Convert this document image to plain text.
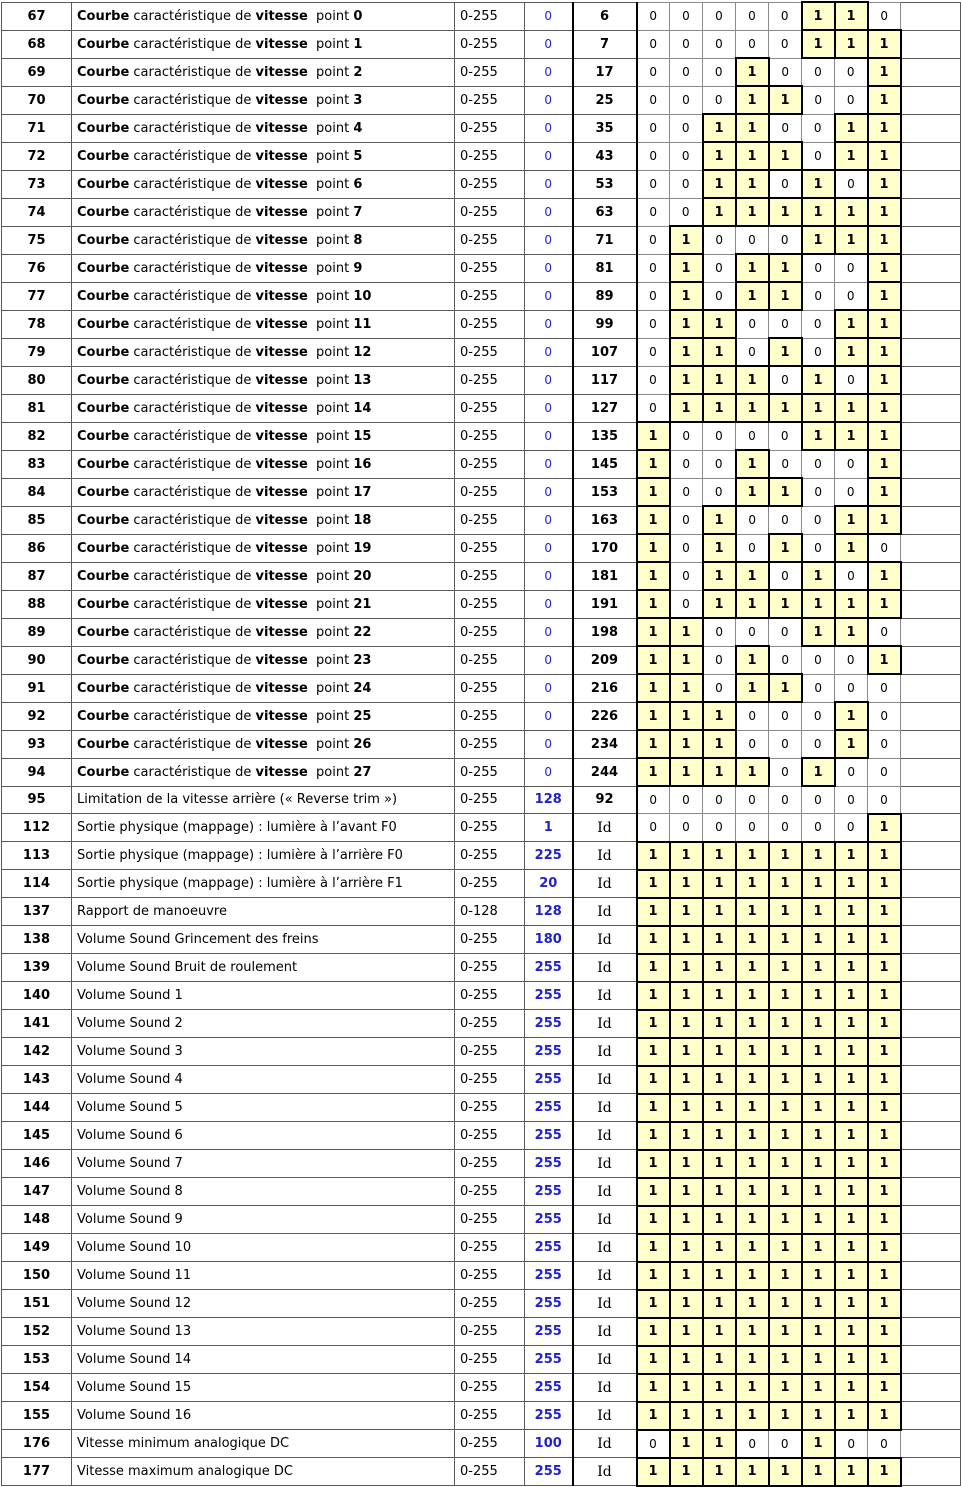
67	Courbe caractéristique de vitesse  point 0	0-255	0	6	0	0	0	0	0	1	1	0	
68	Courbe caractéristique de vitesse  point 1	0-255	0	7	0	0	0	0	0	1	1	1	
69	Courbe caractéristique de vitesse  point 2	0-255	0	17	0	0	0	1	0	0	0	1	
70	Courbe caractéristique de vitesse  point 3	0-255	0	25	0	0	0	1	1	0	0	1	
71	Courbe caractéristique de vitesse  point 4	0-255	0	35	0	0	1	1	0	0	1	1	
72	Courbe caractéristique de vitesse  point 5	0-255	0	43	0	0	1	1	1	0	1	1	
73	Courbe caractéristique de vitesse  point 6	0-255	0	53	0	0	1	1	0	1	0	1	
74	Courbe caractéristique de vitesse  point 7	0-255	0	63	0	0	1	1	1	1	1	1	
75	Courbe caractéristique de vitesse  point 8	0-255	0	71	0	1	0	0	0	1	1	1	
76	Courbe caractéristique de vitesse  point 9	0-255	0	81	0	1	0	1	1	0	0	1	
77	Courbe caractéristique de vitesse  point 10	0-255	0	89	0	1	0	1	1	0	0	1	
78	Courbe caractéristique de vitesse  point 11	0-255	0	99	0	1	1	0	0	0	1	1	
79	Courbe caractéristique de vitesse  point 12	0-255	0	107	0	1	1	0	1	0	1	1	
80	Courbe caractéristique de vitesse  point 13	0-255	0	117	0	1	1	1	0	1	0	1	
81	Courbe caractéristique de vitesse  point 14	0-255	0	127	0	1	1	1	1	1	1	1	
82	Courbe caractéristique de vitesse  point 15	0-255	0	135	1	0	0	0	0	1	1	1	
83	Courbe caractéristique de vitesse  point 16	0-255	0	145	1	0	0	1	0	0	0	1	
84	Courbe caractéristique de vitesse  point 17	0-255	0	153	1	0	0	1	1	0	0	1	
85	Courbe caractéristique de vitesse  point 18	0-255	0	163	1	0	1	0	0	0	1	1	
86	Courbe caractéristique de vitesse  point 19	0-255	0	170	1	0	1	0	1	0	1	0	
87	Courbe caractéristique de vitesse  point 20	0-255	0	181	1	0	1	1	0	1	0	1	
88	Courbe caractéristique de vitesse  point 21	0-255	0	191	1	0	1	1	1	1	1	1	
89	Courbe caractéristique de vitesse  point 22	0-255	0	198	1	1	0	0	0	1	1	0	
90	Courbe caractéristique de vitesse  point 23	0-255	0	209	1	1	0	1	0	0	0	1	
91	Courbe caractéristique de vitesse  point 24	0-255	0	216	1	1	0	1	1	0	0	0	
92	Courbe caractéristique de vitesse  point 25	0-255	0	226	1	1	1	0	0	0	1	0	
93	Courbe caractéristique de vitesse  point 26	0-255	0	234	1	1	1	0	0	0	1	0	
94	Courbe caractéristique de vitesse  point 27	0-255	0	244	1	1	1	1	0	1	0	0	
95	Limitation de la vitesse arrière (« Reverse trim »)	0-255	128	92	0	0	0	0	0	0	0	0	
112	Sortie physique (mappage) : lumière à l’avant F0	0-255	1	Id	0	0	0	0	0	0	0	1	
113	Sortie physique (mappage) : lumière à l’arrière F0	0-255	225	Id	1	1	1	1	1	1	1	1	
114	Sortie physique (mappage) : lumière à l’arrière F1	0-255	20	Id	1	1	1	1	1	1	1	1	
137	Rapport de manoeuvre	0-128	128	Id	1	1	1	1	1	1	1	1	
138	Volume Sound Grincement des freins	0-255	180	Id	1	1	1	1	1	1	1	1	
139	Volume Sound Bruit de roulement	0-255	255	Id	1	1	1	1	1	1	1	1	
140	Volume Sound 1	0-255	255	Id	1	1	1	1	1	1	1	1	
141	Volume Sound 2	0-255	255	Id	1	1	1	1	1	1	1	1	
142	Volume Sound 3	0-255	255	Id	1	1	1	1	1	1	1	1	
143	Volume Sound 4	0-255	255	Id	1	1	1	1	1	1	1	1	
144	Volume Sound 5	0-255	255	Id	1	1	1	1	1	1	1	1	
145	Volume Sound 6	0-255	255	Id	1	1	1	1	1	1	1	1	
146	Volume Sound 7	0-255	255	Id	1	1	1	1	1	1	1	1	
147	Volume Sound 8	0-255	255	Id	1	1	1	1	1	1	1	1	
148	Volume Sound 9	0-255	255	Id	1	1	1	1	1	1	1	1	
149	Volume Sound 10	0-255	255	Id	1	1	1	1	1	1	1	1	
150	Volume Sound 11	0-255	255	Id	1	1	1	1	1	1	1	1	
151	Volume Sound 12	0-255	255	Id	1	1	1	1	1	1	1	1	
152	Volume Sound 13	0-255	255	Id	1	1	1	1	1	1	1	1	
153	Volume Sound 14	0-255	255	Id	1	1	1	1	1	1	1	1	
154	Volume Sound 15	0-255	255	Id	1	1	1	1	1	1	1	1	
155	Volume Sound 16	0-255	255	Id	1	1	1	1	1	1	1	1	
176	Vitesse minimum analogique DC	0-255	100	Id	0	1	1	0	0	1	0	0	
177	Vitesse maximum analogique DC	0-255	255	Id	1	1	1	1	1	1	1	1	
